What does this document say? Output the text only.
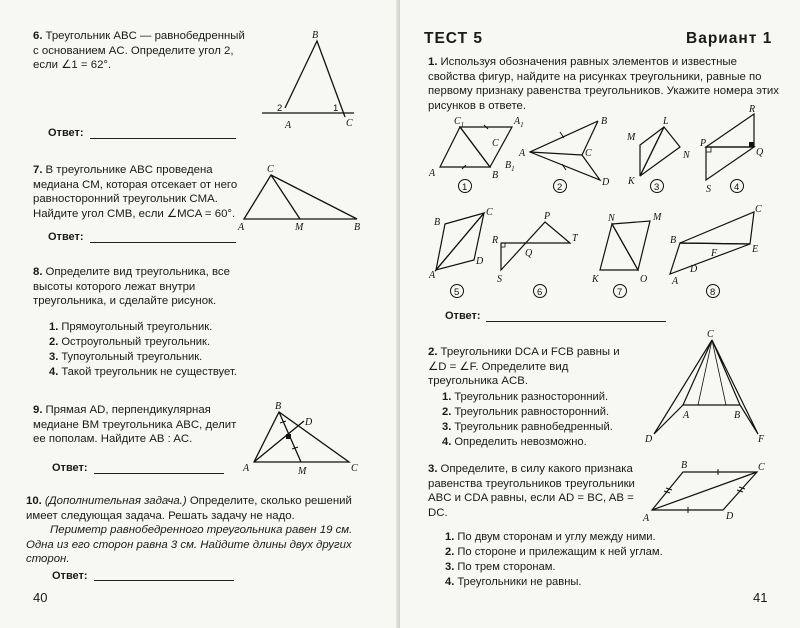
6. Треугольник ABC — равнобедренный с основанием AC. Определите угол 2, если ∠1 = 62°.
B
A	C
1
2
Ответ:
7. В треугольнике ABC проведена медиана CM, которая отсекает от него равносторонний треугольник CMA. Найдите угол CMB, если ∠MCA = 60°.
C
A	M	B
Ответ:
8. Определите вид треугольника, все высоты которого лежат внутри треугольника, и сделайте рисунок.
1. Прямоугольный треугольник.
2. Остроугольный треугольник.
3. Тупоугольный треугольник.
4. Такой треугольник не существует.
9. Прямая AD, перпендикулярная медиане BM треугольника ABC, делит ее пополам. Найдите AB : AC.
B
D
A	M	C
Ответ:
10. (Дополнительная задача.) Определите, сколько решений имеет следующая задача. Решать задачу не надо.
Периметр равнобедренного треугольника равен 19 см. Одна из его сторон равна 3 см. Найдите длины двух других сторон.
Ответ:
40
ТЕСТ 5	Вариант 1
1. Используя обозначения равных элементов и известные свойства фигур, найдите на рисунках треугольники, равные по первому признаку равенства треугольников. Укажите номера этих рисунков в ответе.
$C_1$	$A_1$
A
C
B
$B_1$
1
A
B
C
D
2
M
L
N
K
3
R
P
Q
S 4
B
C
A
D
5
R
P
Q
T
S
6
N	M
K	O
7
C
B
F	E
D
A
8
Ответ:
2. Треугольники DCA и FCB равны и ∠D = ∠F. Определите вид треугольника ACB.
1. Треугольник разносторонний.
2. Треугольник равносторонний.
3. Треугольник равнобедренный.
4. Определить невозможно.
C
A	B
D	F
3. Определите, в силу какого признака равенства треугольников треугольники ABC и CDA равны, если AD = BC, AB = DC.
1. По двум сторонам и углу между ними.
2. По стороне и прилежащим к ней углам.
3. По трем сторонам.
4. Треугольники не равны.
B	C
A	D
41
